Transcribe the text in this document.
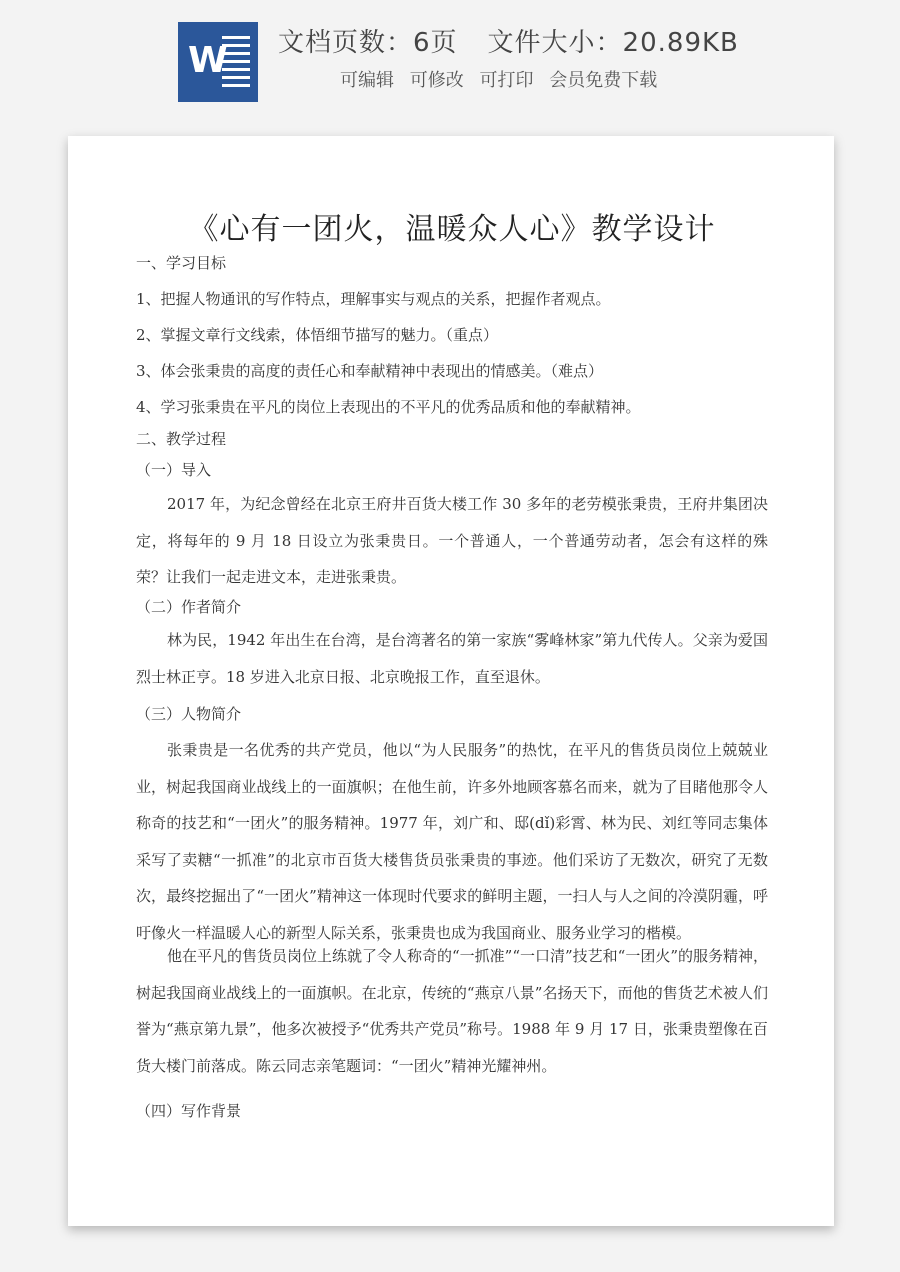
W 文档页数：6页 文件大小：20.89KB
可编辑 可修改 可打印 会员免费下载
《心有一团火，温暖众人心》教学设计
一、学习目标
1、把握人物通讯的写作特点，理解事实与观点的关系，把握作者观点。
2、掌握文章行文线索，体悟细节描写的魅力。（重点）
3、体会张秉贵的高度的责任心和奉献精神中表现出的情感美。（难点）
4、学习张秉贵在平凡的岗位上表现出的不平凡的优秀品质和他的奉献精神。
二、教学过程
（一）导入
2017 年，为纪念曾经在北京王府井百货大楼工作 30 多年的老劳模张秉贵，王府井集团决定，将每年的 9 月 18 日设立为张秉贵日。一个普通人，一个普通劳动者，怎会有这样的殊荣？让我们一起走进文本，走进张秉贵。
（二）作者简介
林为民，1942 年出生在台湾，是台湾著名的第一家族“雾峰林家”第九代传人。父亲为爱国烈士林正亨。18 岁进入北京日报、北京晚报工作，直至退休。
（三）人物简介
张秉贵是一名优秀的共产党员，他以“为人民服务”的热忱，在平凡的售货员岗位上兢兢业业，树起我国商业战线上的一面旗帜；在他生前，许多外地顾客慕名而来，就为了目睹他那令人称奇的技艺和“一团火”的服务精神。1977 年，刘广和、邸(dǐ)彩霄、林为民、刘红等同志集体采写了卖糖“一抓准”的北京市百货大楼售货员张秉贵的事迹。他们采访了无数次，研究了无数次，最终挖掘出了“一团火”精神这一体现时代要求的鲜明主题，一扫人与人之间的冷漠阴霾，呼吁像火一样温暖人心的新型人际关系，张秉贵也成为我国商业、服务业学习的楷模。
他在平凡的售货员岗位上练就了令人称奇的“一抓准”“一口清”技艺和“一团火”的服务精神，树起我国商业战线上的一面旗帜。在北京，传统的“燕京八景”名扬天下，而他的售货艺术被人们誉为“燕京第九景”，他多次被授予“优秀共产党员”称号。1988 年 9 月 17 日，张秉贵塑像在百货大楼门前落成。陈云同志亲笔题词：“一团火”精神光耀神州。
（四）写作背景
